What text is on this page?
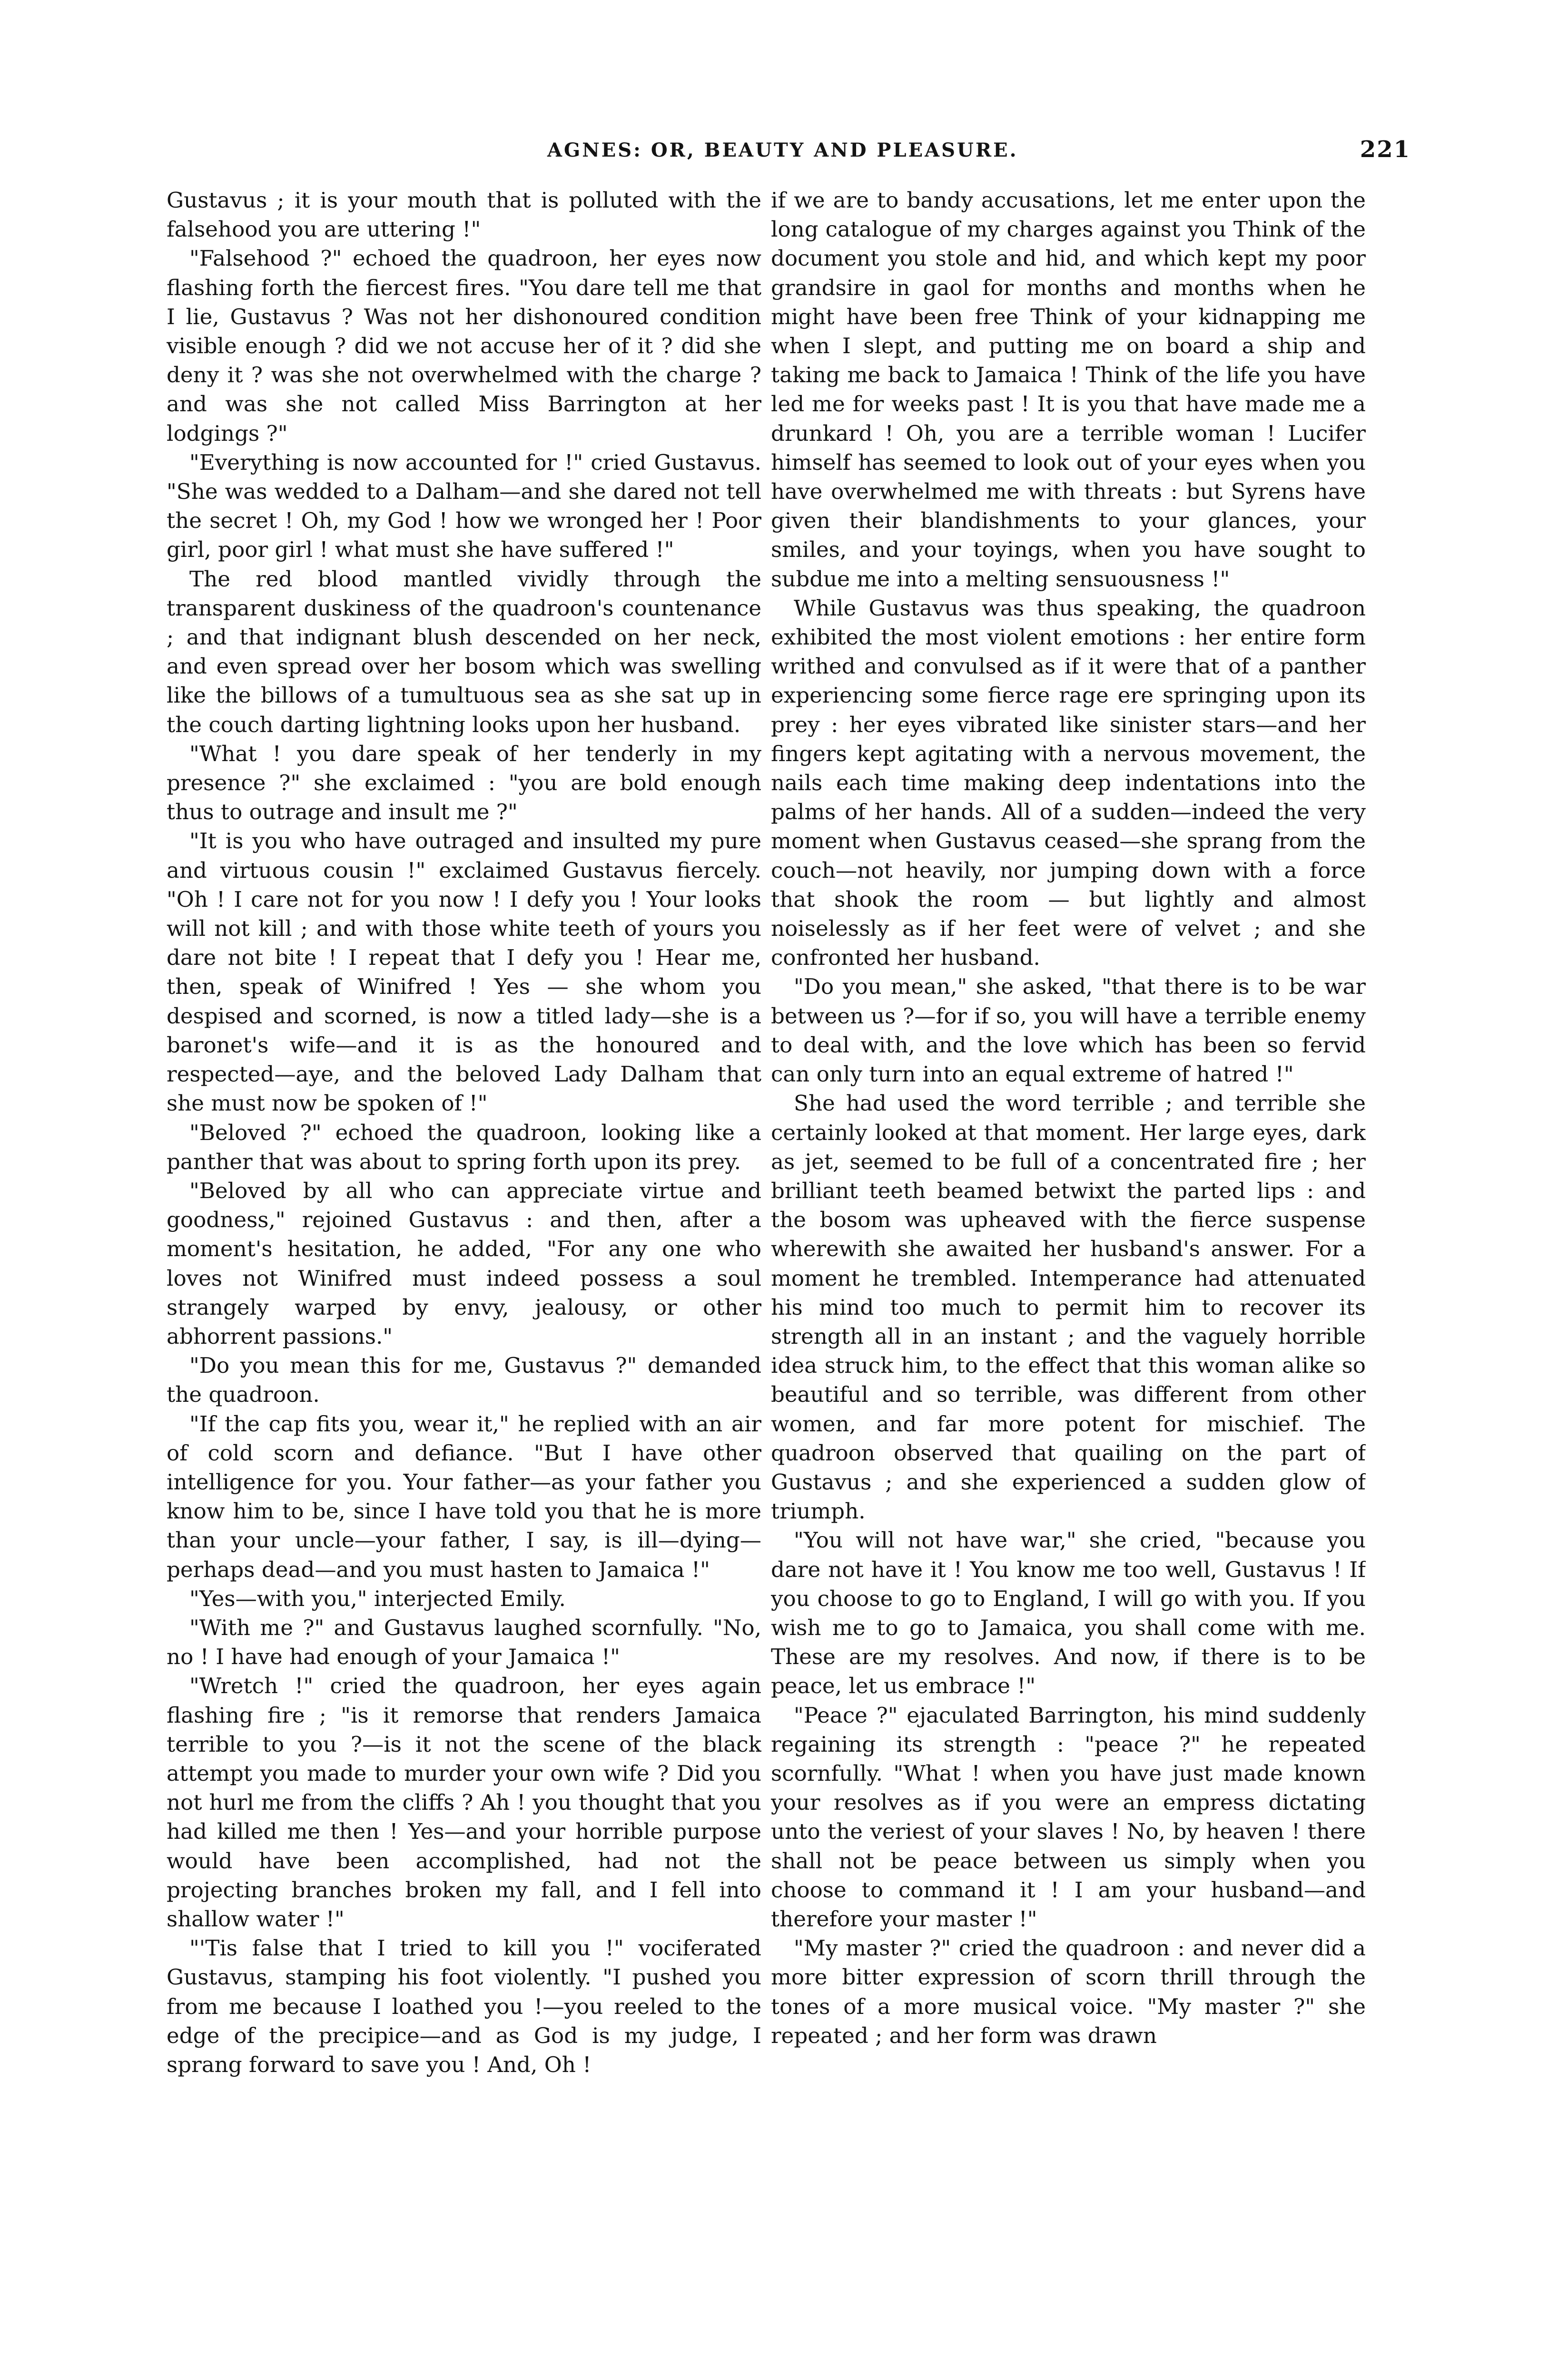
AGNES: OR, BEAUTY AND PLEASURE.	221

Gustavus ; it is your mouth that is polluted with the falsehood you are uttering !"

"Falsehood ?" echoed the quadroon, her eyes now flashing forth the fiercest fires. "You dare tell me that I lie, Gustavus ? Was not her dishonoured condition visible enough ? did we not accuse her of it ? did she deny it ? was she not overwhelmed with the charge ? and was she not called Miss Barrington at her lodgings ?"

"Everything is now accounted for !" cried Gustavus. "She was wedded to a Dalham—and she dared not tell the secret ! Oh, my God ! how we wronged her ! Poor girl, poor girl ! what must she have suffered !"

The red blood mantled vividly through the transparent duskiness of the quadroon's countenance ; and that indignant blush descended on her neck, and even spread over her bosom which was swelling like the billows of a tumultuous sea as she sat up in the couch darting lightning looks upon her husband.

"What ! you dare speak of her tenderly in my presence ?" she exclaimed : "you are bold enough thus to outrage and insult me ?"

"It is you who have outraged and insulted my pure and virtuous cousin !" exclaimed Gustavus fiercely. "Oh ! I care not for you now ! I defy you ! Your looks will not kill ; and with those white teeth of yours you dare not bite ! I repeat that I defy you ! Hear me, then, speak of Winifred ! Yes — she whom you despised and scorned, is now a titled lady—she is a baronet's wife—and it is as the honoured and respected—aye, and the beloved Lady Dalham that she must now be spoken of !"

"Beloved ?" echoed the quadroon, looking like a panther that was about to spring forth upon its prey.

"Beloved by all who can appreciate virtue and goodness," rejoined Gustavus : and then, after a moment's hesitation, he added, "For any one who loves not Winifred must indeed possess a soul strangely warped by envy, jealousy, or other abhorrent passions."

"Do you mean this for me, Gustavus ?" demanded the quadroon.

"If the cap fits you, wear it," he replied with an air of cold scorn and defiance. "But I have other intelligence for you. Your father—as your father you know him to be, since I have told you that he is more than your uncle—your father, I say, is ill—dying—perhaps dead—and you must hasten to Jamaica !"

"Yes—with you," interjected Emily.

"With me ?" and Gustavus laughed scornfully. "No, no ! I have had enough of your Jamaica !"

"Wretch !" cried the quadroon, her eyes again flashing fire ; "is it remorse that renders Jamaica terrible to you ?—is it not the scene of the black attempt you made to murder your own wife ? Did you not hurl me from the cliffs ? Ah ! you thought that you had killed me then ! Yes—and your horrible purpose would have been accomplished, had not the projecting branches broken my fall, and I fell into shallow water !"

"'Tis false that I tried to kill you !" vociferated Gustavus, stamping his foot violently. "I pushed you from me because I loathed you !—you reeled to the edge of the precipice—and as God is my judge, I sprang forward to save you ! And, Oh !

if we are to bandy accusations, let me enter upon the long catalogue of my charges against you Think of the document you stole and hid, and which kept my poor grandsire in gaol for months and months when he might have been free Think of your kidnapping me when I slept, and putting me on board a ship and taking me back to Jamaica ! Think of the life you have led me for weeks past ! It is you that have made me a drunkard ! Oh, you are a terrible woman ! Lucifer himself has seemed to look out of your eyes when you have overwhelmed me with threats : but Syrens have given their blandishments to your glances, your smiles, and your toyings, when you have sought to subdue me into a melting sensuousness !"

While Gustavus was thus speaking, the quadroon exhibited the most violent emotions : her entire form writhed and convulsed as if it were that of a panther experiencing some fierce rage ere springing upon its prey : her eyes vibrated like sinister stars—and her fingers kept agitating with a nervous movement, the nails each time making deep indentations into the palms of her hands. All of a sudden—indeed the very moment when Gustavus ceased—she sprang from the couch—not heavily, nor jumping down with a force that shook the room — but lightly and almost noiselessly as if her feet were of velvet ; and she confronted her husband.

"Do you mean," she asked, "that there is to be war between us ?—for if so, you will have a terrible enemy to deal with, and the love which has been so fervid can only turn into an equal extreme of hatred !"

She had used the word terrible ; and terrible she certainly looked at that moment. Her large eyes, dark as jet, seemed to be full of a concentrated fire ; her brilliant teeth beamed betwixt the parted lips : and the bosom was upheaved with the fierce suspense wherewith she awaited her husband's answer. For a moment he trembled. Intemperance had attenuated his mind too much to permit him to recover its strength all in an instant ; and the vaguely horrible idea struck him, to the effect that this woman alike so beautiful and so terrible, was different from other women, and far more potent for mischief. The quadroon observed that quailing on the part of Gustavus ; and she experienced a sudden glow of triumph.

"You will not have war," she cried, "because you dare not have it ! You know me too well, Gustavus ! If you choose to go to England, I will go with you. If you wish me to go to Jamaica, you shall come with me. These are my resolves. And now, if there is to be peace, let us embrace !"

"Peace ?" ejaculated Barrington, his mind suddenly regaining its strength : "peace ?" he repeated scornfully. "What ! when you have just made known your resolves as if you were an empress dictating unto the veriest of your slaves ! No, by heaven ! there shall not be peace between us simply when you choose to command it ! I am your husband—and therefore your master !"

"My master ?" cried the quadroon : and never did a more bitter expression of scorn thrill through the tones of a more musical voice. "My master ?" she repeated ; and her form was drawn
